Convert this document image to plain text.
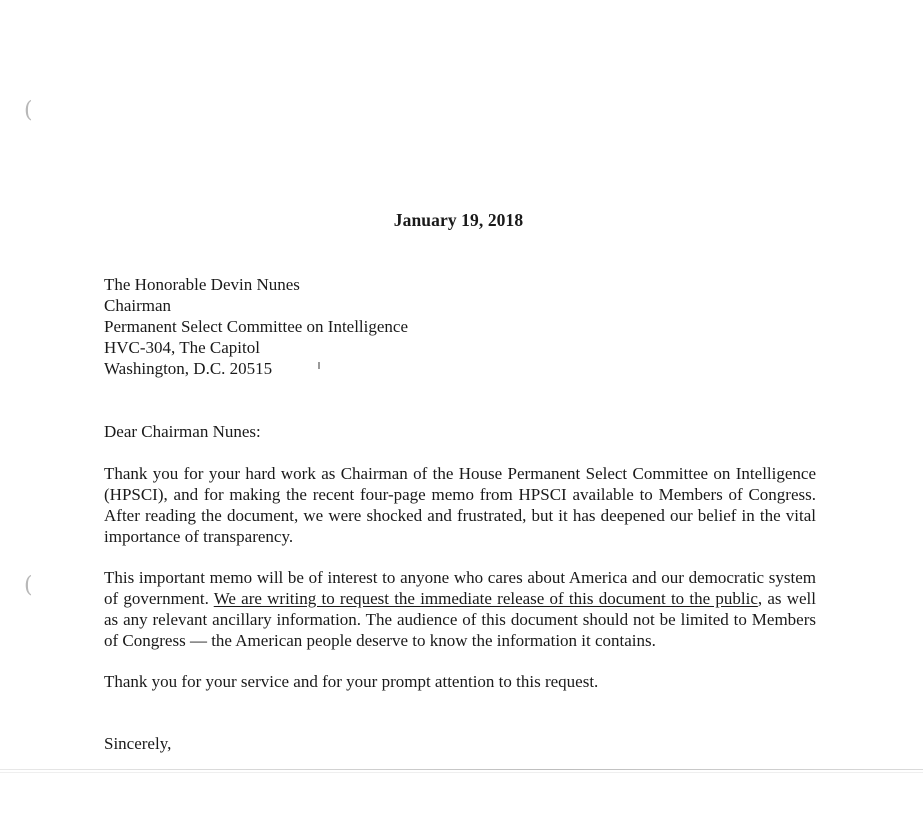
(
(
January 19, 2018
The Honorable Devin Nunes
Chairman
Permanent Select Committee on Intelligence
HVC-304, The Capitol
Washington, D.C. 20515
Dear Chairman Nunes:
Thank you for your hard work as Chairman of the House Permanent Select Committee on Intelligence (HPSCI), and for making the recent four-page memo from HPSCI available to Members of Congress. After reading the document, we were shocked and frustrated, but it has deepened our belief in the vital importance of transparency.
This important memo will be of interest to anyone who cares about America and our democratic system of government. We are writing to request the immediate release of this document to the public, as well as any relevant ancillary information. The audience of this document should not be limited to Members of Congress — the American people deserve to know the information it contains.
Thank you for your service and for your prompt attention to this request.
Sincerely,
